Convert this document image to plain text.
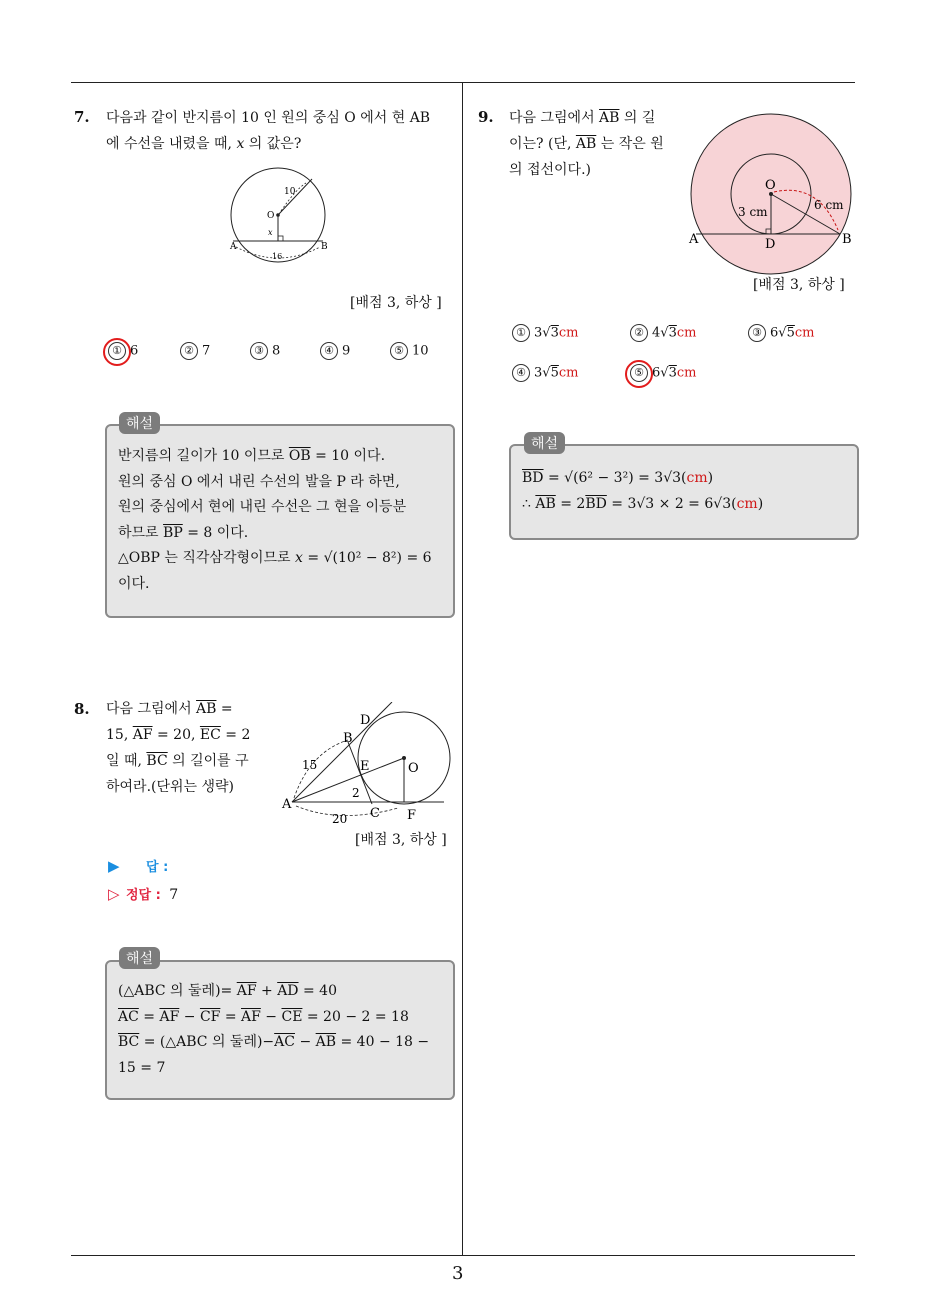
3
7. 다음과 같이 반지름이 10 인 원의 중심 O 에서 현 AB
에 수선을 내렸을 때, x 의 값은?
10
O
x
A	B
16
[배점 3, 하상 ]
① 6	② 7	③ 8	④ 9	⑤ 10
해설
반지름의 길이가 10 이므로 $\overline{OB} = 10$ 이다.
원의 중심 O 에서 내린 수선의 발을 P 라 하면,
원의 중심에서 현에 내린 수선은 그 현을 이등분
하므로 $\overline{BP} = 8$ 이다.
△OBP 는 직각삼각형이므로 x = √(10² − 8²) = 6
이다.
8. 다음 그림에서 $\overline{AB}$ =
15, $\overline{AF} = 20$, $\overline{EC} = 2$
일 때, $\overline{BC}$ 의 길이를 구
하여라.(단위는 생략)
D
B
15	E	O
2
A
20 C F
[배점 3, 하상 ]
▶ 답 :
▷ 정답 : 7
해설
(△ABC 의 둘레)= $\overline{AF} + \overline{AD} = 40$
$\overline{AC} = \overline{AF} - \overline{CF} = \overline{AF} - \overline{CE} = 20 - 2 = 18$
$\overline{BC}$ = (△ABC 의 둘레)$-\overline{AC} - \overline{AB} = 40 - 18$ −
15 = 7
9. 다음 그림에서 $\overline{AB}$ 의 길
이는? (단, $\overline{AB}$ 는 작은 원
의 접선이다.)
O
3 cm	6 cm
A	D	B
[배점 3, 하상 ]
① 3√3cm	② 4√3cm	③ 6√5cm
④ 3√5cm	⑤ 6√3cm
해설
$\overline{BD} = √(6^2 - 3^2) = 3√3(cm)$
∴ $\overline{AB} = 2\overline{BD} = 3√3 \times 2 = 6√3(cm)$
